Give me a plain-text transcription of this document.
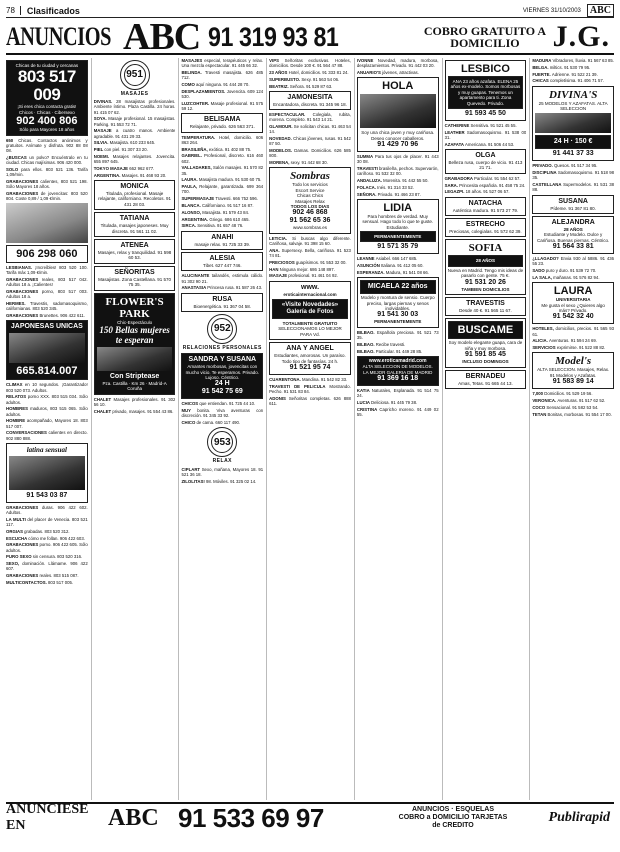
78	Clasificados	VIERNES 31/10/2003 ABC
ANUNCIOS ABC 91 319 93 81	COBRO GRATUITO A DOMICILIO	J.G.
Chicas de tu ciudad y cercanas
803 517 009
¡Si eres chica contacta gratis!
Chicos · Chicas · Cibersexo
902 400 806
Sólo para Mayores 18 años
650 Chicas. Contactos anónimos y gratuitos. Anímate y disfruta. 902 88 08 08.
¿BUSCAS un polvo? Encuéntralo en tu ciudad. Chicas majísimas. 906 420 000.
SOLO para ellos. 803 521 136. Tarifa 1,09/min.
GRABACIONES calientes, 803 521 198. Sólo Mayores 18 años.
GRABACIONES de jovencitas: 803 520 804. Coste 0,89 / 1,09 €/min.
906 298 060
LESBIANAS. ¡Increíbles! 803 520 100. Tarifa máx 1,09 €/min.
GRABACIONES reales, 803 517 042. Adultos 18 a. ¡Calientes!
GRABACIONES porno, 803 517 003. Adultos 18 a.
HERMES. Travestis, sadomasoquismo, californianas. 803 520 345.
GRABACIONES Brunettes. 906 422 611.
JAPONESAS UNICAS
665.814.007
CLIMAX en 10 segundos. ¡Garantizado! 803 520 073. Adultos.
RELATOS porno XXX. 803 515 034. Sólo adultos.
HOMBRES maduros, 803 515 065. Sólo adultos.
HOMBRE acompañado, Mayores 18. 803 517 007.
CONVERSACIONES calientes en directo. 902 880 888.
latina sensual
91 543 03 87
GRABACIONES duras. 906 422 602. Adultos.
LA MULTI del placer de Venecia. 803 521 117.
ORGIAS grabadas. 803 520 312.
ESCUCHA cómo me follan. 906 422 603.
GRABACIONES porno. 906 422 605. Sólo adultos.
PURO SEXO sin censura. 803 520 316.
SEXO, dominación. Llámame. 906 422 607.
GRABACIONES reales. 803 515 087.
MULTICONTACTOS. 803 517 005.
951
MASAJES
DIVINAS. 28 masajistas profesionales. Ambiente íntimo. Plaza Castilla. 24 horas. 91 415 07 62.
SOYA. Masaje profesional. 15 masajistas. Parking. 91 553 72 71.
MASAJE a cuatro manos. Ambiente agradable. 91 431 29 33.
SILVIA. Masajista. 610 233 645.
PIEL con piel. 91 307 33 20.
NOEMI. Masajes relajantes. Jovencita. 655 897 645.
TOKYO MASAJE 662 962 677.
ARGENTINA. Masajes. 91 468 93 20.
MONICA
Titulada, profesional. Masaje relajante, californiano. Recoletos. 91 431 28 03.
TATIANA
Titulada, masajes japoneses. Muy discreta. 91 561 11 02.
ATENEA
Masajes, relax y tranquilidad. 91 598 60 53.
SEÑORITAS
Masajistas. Zona Castellana. 91 570 75 35.
FLOWER'S PARK
Chic-Espectáculo
150 Bellas mujeres te esperan
Con Striptease
Pza. Castilla · Km 26 · Madrid-A Coruña
CHALET Masajes profesionales. 91 302 56 10.
CHALET privado, masajes. 91 554 43 86.
MASAJES especial, terapéuticos y relax. Una mezcla espectacular. 91 445 66 32.
BELINDA. Travesti masajista. 626 485 712.
COMO aquí ninguna. 91 444 28 70.
DESPLAZAMIENTOS. Jovencita. 609 124 530.
LUZCOHTER. Masaje profesional. 91 575 59 12.
BELISAMA
Relajante, privado. 626 563 371.
TEMPERATURA. Hotel, domicilio. 606 863 264.
BRASILEÑA, exótica. 91 402 88 75.
GABRIEL. Profesional, discreto. 616 460 602.
VALLADARES, Salón masajes. 91 570 82 35.
LAURA. Masajista madura. 91 530 60 75.
PAULA, Relajante, garantizada. 699 364 700.
SUPERMASAJE Travesti. 666 752 596.
BLANCA. Californiano. 91 517 16 87.
ALONSO, Masajista. 91 579 43 84.
ARGENTINA. Griego. 686 610 465.
SIRCA. Sensitiva. 91 657 48 76.
ANAHI
masaje relax. 91 725 33 39.
ALESIA
Tibet. 627 447 746.
ALUCINANTE tailandés, estimula cálido. 91 302 90 21.
ANASTASIA Princesa rusa. 91 587 26 43.
RUSA
Bioenergética. 91 367 04 58.
952
RELACIONES PERSONALES
SANDRA Y SUSANA
Amantes morbosas, jovencitas con mucho vicio. Te esperamos. Privado. Lujoso. Céntrico.
24 H
91 542 75 69
CHICOS que entiendan. 91 725 44 10.
MUY bonita. Viva aventuras con discreción. 91 345 33 92.
CHICO de cama. 660 117 490.
953
RELAX
CIPLART Sexo, mañana, Mayores 18. 91 521 36 18.
ZILOLITAS! 98. Móviles. 91 325 02 14.
VIPS Señoritas exclusivas. Hoteles, domicilios. Desde 100 €. 91 564 47 88.
23 AÑOS Hotel, domicilios. 91 333 81 24.
SUPERBUSTO. Sexy. 91 563 54 06.
BEATRIZ. Señora. 91 529 87 63.
JAMONESITA
Encantadora, discreta. 91 345 96 18.
ESPECTACULAR. Colegiala, rubita, morena. Completo. 91 543 14 21.
GLAMOUR. Se solicitan chicas. 91 463 54 14.
NOVEDAD. Chicas jóvenes, rusas. 91 542 87 50.
MODELOS. Damas. Domicilios. 626 585 800.
MORENA, sexy. 91 442 68 30.
Sombras
Todo los servicios
Escort Service
Chicas Chics
Masajes Relax
TODOS LOS DIAS
902 46 868
91 562 65 36
www.sombras.es
LETICIA. Si buscas algo diferente. Cariñosa, salvaje. 91 398 15 60.
ANA. Supersexy. Bella, cariñosa. 91 523 74 81.
PRECIOSOS guapísimos. 91 553 32 00.
HAN Ninguna mejor. 686 148 897.
MASAJE profesional. 91 461 04 92.
www.
eroticainternacional.com
«Visite Novedades» Galería de Fotos
TOTALMENTE GRATUITO
SELECCIONAMOS LO MEJOR PARA Vd.
ANA Y ANGEL
Estudiantes, amorosas. Un paraíso. Todo tipo de fantasías. 24 h.
91 521 95 74
CUARENTONA. Mandina. 91 542 82 33.
TRAVESTI DE PELICULA Mostrando. Pecho. 91 531 83 84.
ADONIS Señoritas completas. 626 888 611.
IVONNE Novedad, madura, morbosa, desplazamientos. Privado. 91 442 03 20.
ANUARIO'S jóvenes, atractivas.
HOLA
Soy una chica joven y muy cariñosa. Deseo conocer caballeros.
91 429 70 96
SUMMA Para tus ojos de placer. 91 443 30 08.
TRAVESTI brasileña, pechos. Supervarón, cariñoso. 91 532 32 00.
ANDALUZA. Morenita. 91 442 55 50.
FOLACA. Inés. 91 314 33 52.
SEÑORA. Privado. 91 466 23 87.
LIDIA
Para hombres de verdad. Muy sensual. Hago todo lo que te guste. Estudiante.
PERMANENTEMENTE
91 571 35 79
LEANNE Asiabel. 666 147 685.
ASUNCIÓN Italiana. 91 412 05 60.
ESPERANZA. Madura, 91 541 08 66.
MICAELA 22 años
Modelo y montura de sensio. Cuerpo preciso, largas piernas y senos inolvidables.
91 541 30 03
PERMANENTEMENTE
BILBAO. Española preciosa. 91 521 73 35.
BILBAO. Recibe travesti.
BILBAO. Particular. 91 449 28 85.
www.eroticamadrid.com
ALTA SELECCION DE MODELOS. LA MEJOR GALERIA DE MADRID
91 369 16 18
KATIA Naturales, Esplanada. 91 514 75 24.
LUCIA Deliciosa. 91 445 79 38.
CRISTINA Capricho moreno. 91 449 02 55.
LESBICO
ANA 23 años azafata. ELENA 25 años ex-modelo. Somos morbosas y muy guapas. Tenemos un apartamento para ti. Zona Quevedo. Privado.
91 593 45 50
CATHERINE Sensitiva. 91 521 45 55.
LEATHER Sadomasoquismo. 91 538 00 31.
AZAFATA Americana. 91 506 44 53.
OLGA
Belleza rusa, cuerpo de vicio. 91 413 21 71.
GRABADORA Particular. 91 554 62 57.
SARA. Princesita española. 91 458 75 24.
LEGAZPI. 18 años. 91 527 06 57.
NATACHA
Auténtica madura. 91 573 27 79.
ESTRECHO
Preciosas, colegialas. 91 572 62 39.
SOFIA
28 AÑOS
Nueva en Madrid. Tengo mis ideas de pasarlo con gente. 75 €.
91 531 20 26
TAMBIEN DOMICILIOS
TRAVESTIS
Desde 40 €. 91 565 11 67.
BUSCAME
Soy modelo elegante guapa, cara de niña y muy morbosa.
91 591 85 45
INCLUSO DOMINGOS
BERNADEU
Amas, Tetas. 91 665 44 13.
MADURA Vibradores, lluvia. 91 567 63 85.
BELGA. miltics. 91 530 79 95.
FUERTE. Adrienne. 91 522 21 39.
CHICAS completísima. 91 406 71 57.
DIVINA'S
25 MODELOS Y AZAFATAS. ALTA SELECCION
24 H · 150 €
91 441 37 33
PRIVADO. Quesos. 91 517 34 95.
DISCIPLINA Sadomasoquismo. 91 518 98 35.
CASTELLANA Supermodelos. 91 531 38 88.
SUSANA
Pídeme. 91 367 81 80.
ALEJANDRA
28 AÑOS
Estudiante y Modelo. Dulce y Cariñosa. Buenas piernas. Céntrico.
91 564 33 81
¿LLAGADO? Envia 930 al 5886. 91 436 55 23.
SADO puro y duro. 91 539 72 70.
LA SALA, mañanas. 91 576 82 94.
LAURA
UNIVERSITARIA
Me gusta el sexo ¿Quieres algo más? Privado.
91 542 32 40
HOTELES, domicilios, precios. 91 565 93 61.
ALICIA. Aventuras. 91 594 24 69.
SERVICIOS exprimirse. 91 522 88 82.
Model's
ALTA SELECCION. Masajes, Relax. 91 Modelos y Azafatas.
91 583 89 14
7,000 Domicilios. 91 529 19 56.
VERONICA. Aventuras. 91 517 62 52.
COCO Sensacional. 91 582 53 54.
TETAN Bonitas, morbosas. 91 554 17 00.
ANUNCIESE EN	ABC 91 533 69 97	ANUNCIOS · ESQUELAS COBRO a DOMICILIO TARJETAS de CREDITO
Publirapid
